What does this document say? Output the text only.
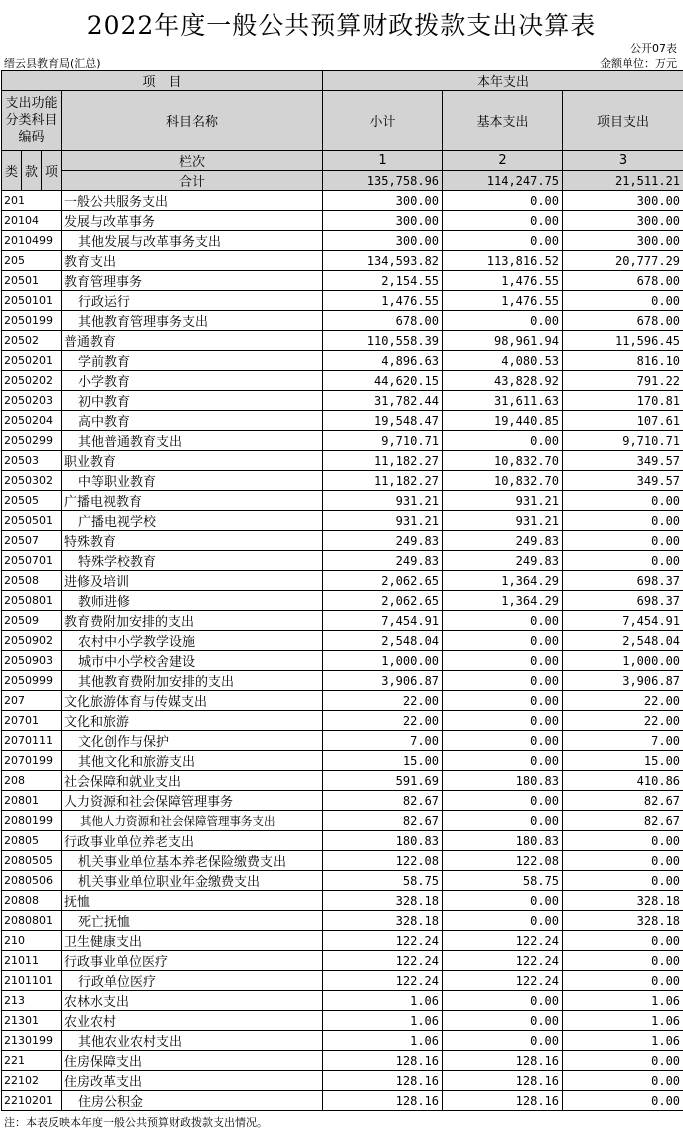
2022年度一般公共预算财政拨款支出决算表
公开07表
缙云县教育局(汇总)	金额单位：万元
项　目				本年支出		
支出功能分类科目编码			科目名称	小计	基本支出	项目支出
类	款	项	栏次	1	2	3
			合计	135,758.96	114,247.75	21,511.21
201			一般公共服务支出	300.00	0.00	300.00
20104			发展与改革事务	300.00	0.00	300.00
2010499			其他发展与改革事务支出	300.00	0.00	300.00
205			教育支出	134,593.82	113,816.52	20,777.29
20501			教育管理事务	2,154.55	1,476.55	678.00
2050101			行政运行	1,476.55	1,476.55	0.00
2050199			其他教育管理事务支出	678.00	0.00	678.00
20502			普通教育	110,558.39	98,961.94	11,596.45
2050201			学前教育	4,896.63	4,080.53	816.10
2050202			小学教育	44,620.15	43,828.92	791.22
2050203			初中教育	31,782.44	31,611.63	170.81
2050204			高中教育	19,548.47	19,440.85	107.61
2050299			其他普通教育支出	9,710.71	0.00	9,710.71
20503			职业教育	11,182.27	10,832.70	349.57
2050302			中等职业教育	11,182.27	10,832.70	349.57
20505			广播电视教育	931.21	931.21	0.00
2050501			广播电视学校	931.21	931.21	0.00
20507			特殊教育	249.83	249.83	0.00
2050701			特殊学校教育	249.83	249.83	0.00
20508			进修及培训	2,062.65	1,364.29	698.37
2050801			教师进修	2,062.65	1,364.29	698.37
20509			教育费附加安排的支出	7,454.91	0.00	7,454.91
2050902			农村中小学教学设施	2,548.04	0.00	2,548.04
2050903			城市中小学校舍建设	1,000.00	0.00	1,000.00
2050999			其他教育费附加安排的支出	3,906.87	0.00	3,906.87
207			文化旅游体育与传媒支出	22.00	0.00	22.00
20701			文化和旅游	22.00	0.00	22.00
2070111			文化创作与保护	7.00	0.00	7.00
2070199			其他文化和旅游支出	15.00	0.00	15.00
208			社会保障和就业支出	591.69	180.83	410.86
20801			人力资源和社会保障管理事务	82.67	0.00	82.67
2080199			其他人力资源和社会保障管理事务支出	82.67	0.00	82.67
20805			行政事业单位养老支出	180.83	180.83	0.00
2080505			机关事业单位基本养老保险缴费支出	122.08	122.08	0.00
2080506			机关事业单位职业年金缴费支出	58.75	58.75	0.00
20808			抚恤	328.18	0.00	328.18
2080801			死亡抚恤	328.18	0.00	328.18
210			卫生健康支出	122.24	122.24	0.00
21011			行政事业单位医疗	122.24	122.24	0.00
2101101			行政单位医疗	122.24	122.24	0.00
213			农林水支出	1.06	0.00	1.06
21301			农业农村	1.06	0.00	1.06
2130199			其他农业农村支出	1.06	0.00	1.06
221			住房保障支出	128.16	128.16	0.00
22102			住房改革支出	128.16	128.16	0.00
2210201			住房公积金	128.16	128.16	0.00
注：本表反映本年度一般公共预算财政拨款支出情况。
